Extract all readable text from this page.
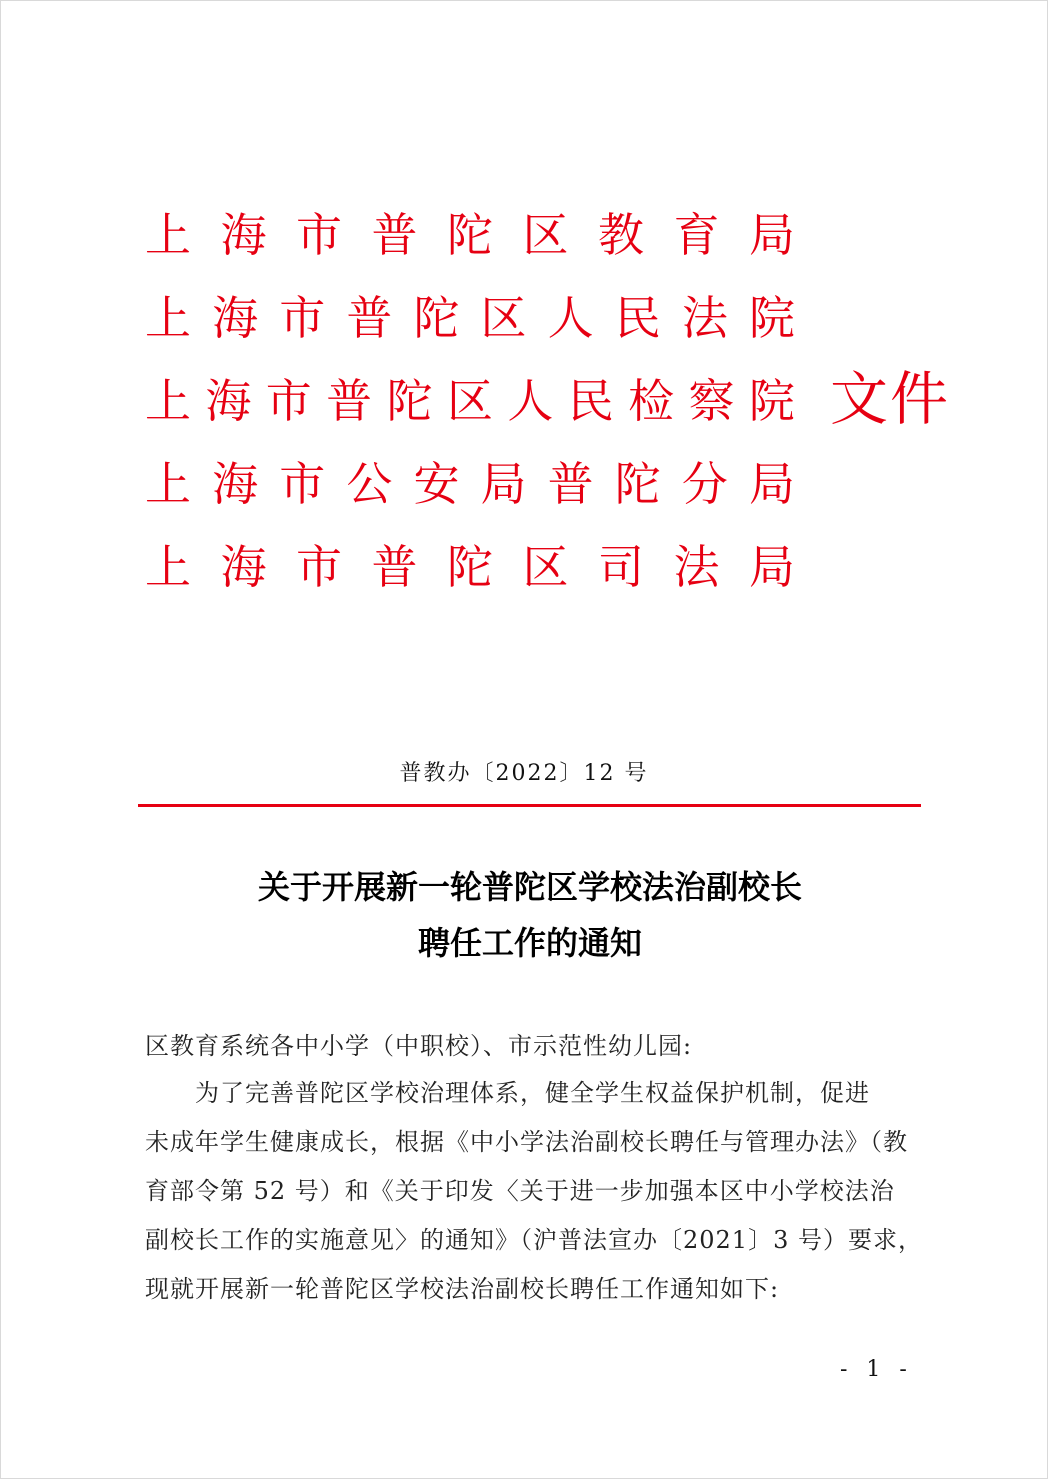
上 海 市 普 陀 区 教 育 局
上 海 市 普 陀 区 人 民 法 院
上 海 市 普 陀 区 人 民 检 察 院
上 海 市 公 安 局 普 陀 分 局
上 海 市 普 陀 区 司 法 局
文件
普教办〔2022〕12 号
关于开展新一轮普陀区学校法治副校长
聘任工作的通知
区教育系统各中小学（中职校）、市示范性幼儿园:
为了完善普陀区学校治理体系，健全学生权益保护机制，促进
未成年学生健康成长，根据《中小学法治副校长聘任与管理办法》（教
育部令第 52 号）和《关于印发〈关于进一步加强本区中小学校法治
副校长工作的实施意见〉的通知》（沪普法宣办〔2021〕3 号）要求，
现就开展新一轮普陀区学校法治副校长聘任工作通知如下:
- 1 -
